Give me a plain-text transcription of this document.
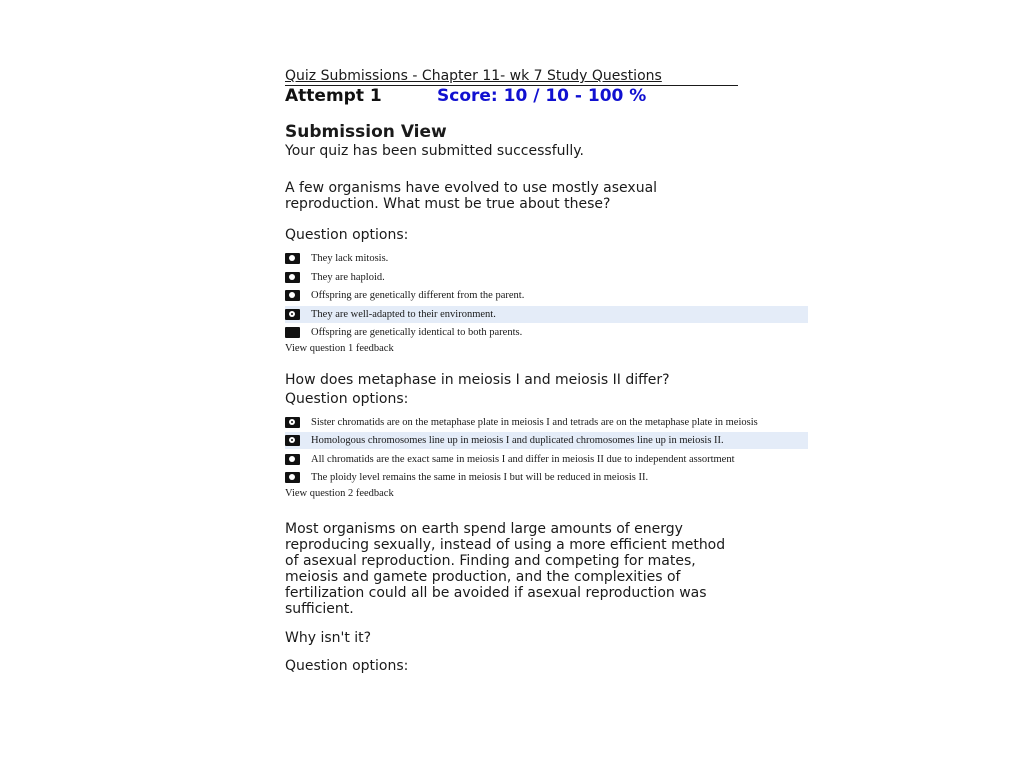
Quiz Submissions - Chapter 11- wk 7 Study Questions
Attempt 1	Score: 10 / 10 - 100 %
Submission View
Your quiz has been submitted successfully.
A few organisms have evolved to use mostly asexual reproduction. What must be true about these?
Question options:
They lack mitosis.
They are haploid.
Offspring are genetically different from the parent.
They are well-adapted to their environment.
Offspring are genetically identical to both parents.
View question 1 feedback
How does metaphase in meiosis I and meiosis II differ?
Question options:
Sister chromatids are on the metaphase plate in meiosis I and tetrads are on the metaphase plate in meiosis
Homologous chromosomes line up in meiosis I and duplicated chromosomes line up in meiosis II.
All chromatids are the exact same in meiosis I and differ in meiosis II due to independent assortment
The ploidy level remains the same in meiosis I but will be reduced in meiosis II.
View question 2 feedback
Most organisms on earth spend large amounts of energy reproducing sexually, instead of using a more efficient method of asexual reproduction. Finding and competing for mates, meiosis and gamete production, and the complexities of fertilization could all be avoided if asexual reproduction was sufficient.
Why isn't it?
Question options:
